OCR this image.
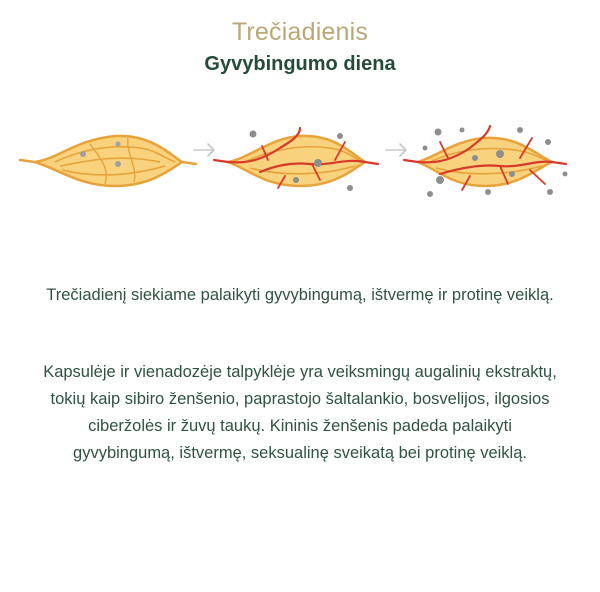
Trečiadienis
Gyvybingumo diena
Trečiadienį siekiame palaikyti gyvybingumą, ištvermę ir protinę veiklą.
Kapsulėje ir vienadozėje talpyklėje yra veiksmingų augalinių ekstraktų, tokių kaip sibiro ženšenio, paprastojo šaltalankio, bosvelijos, ilgosios ciberžolės ir žuvų taukų. Kininis ženšenis padeda palaikyti gyvybingumą, ištvermę, seksualinę sveikatą bei protinę veiklą.
